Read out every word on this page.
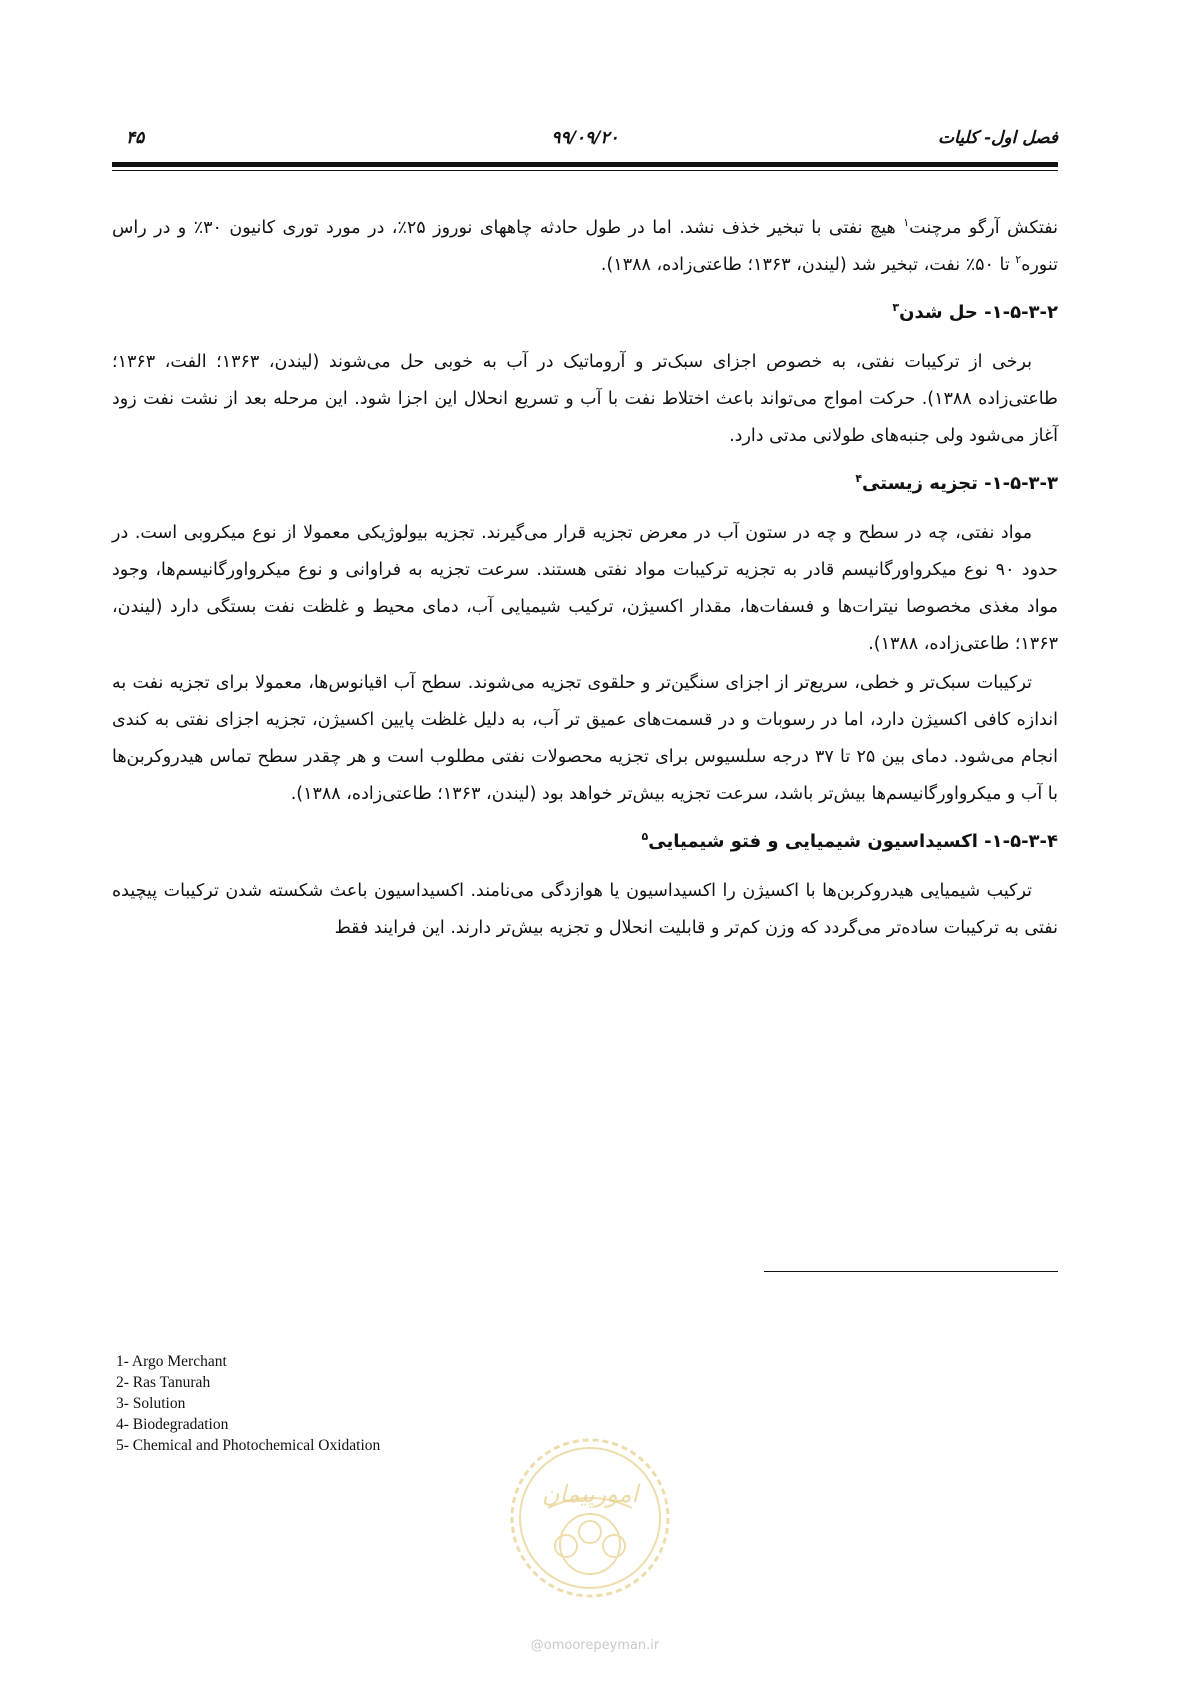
فصل اول- کلیات
۹۹/۰۹/۲۰
۴۵

نفتکش آرگو مرچنت$^۱$ هیچ نفتی با تبخیر خذف نشد. اما در طول حادثه چاههای نوروز ۲۵٪، در مورد توری کانیون ۳۰٪ و در راس تنوره$^۲$ تا ۵۰٪ نفت، تبخیر شد (لیندن، ۱۳۶۳؛ طاعتی‌زاده، ۱۳۸۸).

۱-۵-۳-۲- حل شدن$^۳$

برخی از ترکیبات نفتی، به خصوص اجزای سبک‌تر و آروماتیک در آب به خوبی حل می‌شوند (لیندن، ۱۳۶۳؛ الفت، ۱۳۶۳؛ طاعتی‌زاده ۱۳۸۸). حرکت امواج می‌تواند باعث اختلاط نفت با آب و تسریع انحلال این اجزا شود. این مرحله بعد از نشت نفت زود آغاز می‌شود ولی جنبه‌های طولانی مدتی دارد.

۱-۵-۳-۳- تجزیه زیستی$^۴$

مواد نفتی، چه در سطح و چه در ستون آب در معرض تجزیه قرار می‌گیرند. تجزیه بیولوژیکی معمولا از نوع میکروبی است. در حدود ۹۰ نوع میکرواورگانیسم قادر به تجزیه ترکیبات مواد نفتی هستند. سرعت تجزیه به فراوانی و نوع میکرواورگانیسم‌ها، وجود مواد مغذی مخصوصا نیترات‌ها و فسفات‌ها، مقدار اکسیژن، ترکیب شیمیایی آب، دمای محیط و غلظت نفت بستگی دارد (لیندن، ۱۳۶۳؛ طاعتی‌زاده، ۱۳۸۸).

ترکیبات سبک‌تر و خطی، سریع‌تر از اجزای سنگین‌تر و حلقوی تجزیه می‌شوند. سطح آب اقیانوس‌ها، معمولا برای تجزیه نفت به اندازه کافی اکسیژن دارد، اما در رسوبات و در قسمت‌های عمیق تر آب، به دلیل غلظت پایین اکسیژن، تجزیه اجزای نفتی به کندی انجام می‌شود. دمای بین ۲۵ تا ۳۷ درجه سلسیوس برای تجزیه محصولات نفتی مطلوب است و هر چقدر سطح تماس هیدروکربن‌ها با آب و میکرواورگانیسم‌ها بیش‌تر باشد، سرعت تجزیه بیش‌تر خواهد بود (لیندن، ۱۳۶۳؛ طاعتی‌زاده، ۱۳۸۸).

۱-۵-۳-۴- اکسیداسیون شیمیایی و فتو شیمیایی$^۵$

ترکیب شیمیایی هیدروکربن‌ها با اکسیژن را اکسیداسیون یا هوازدگی می‌نامند. اکسیداسیون باعث شکسته شدن ترکیبات پیچیده نفتی به ترکیبات ساده‌تر می‌گردد که وزن کم‌تر و قابلیت انحلال و تجزیه بیش‌تر دارند. این فرایند فقط

1- Argo Merchant
2- Ras Tanurah
3- Solution
4- Biodegradation
5- Chemical and Photochemical Oxidation
امورپیمان
@omoorepeyman.ir
